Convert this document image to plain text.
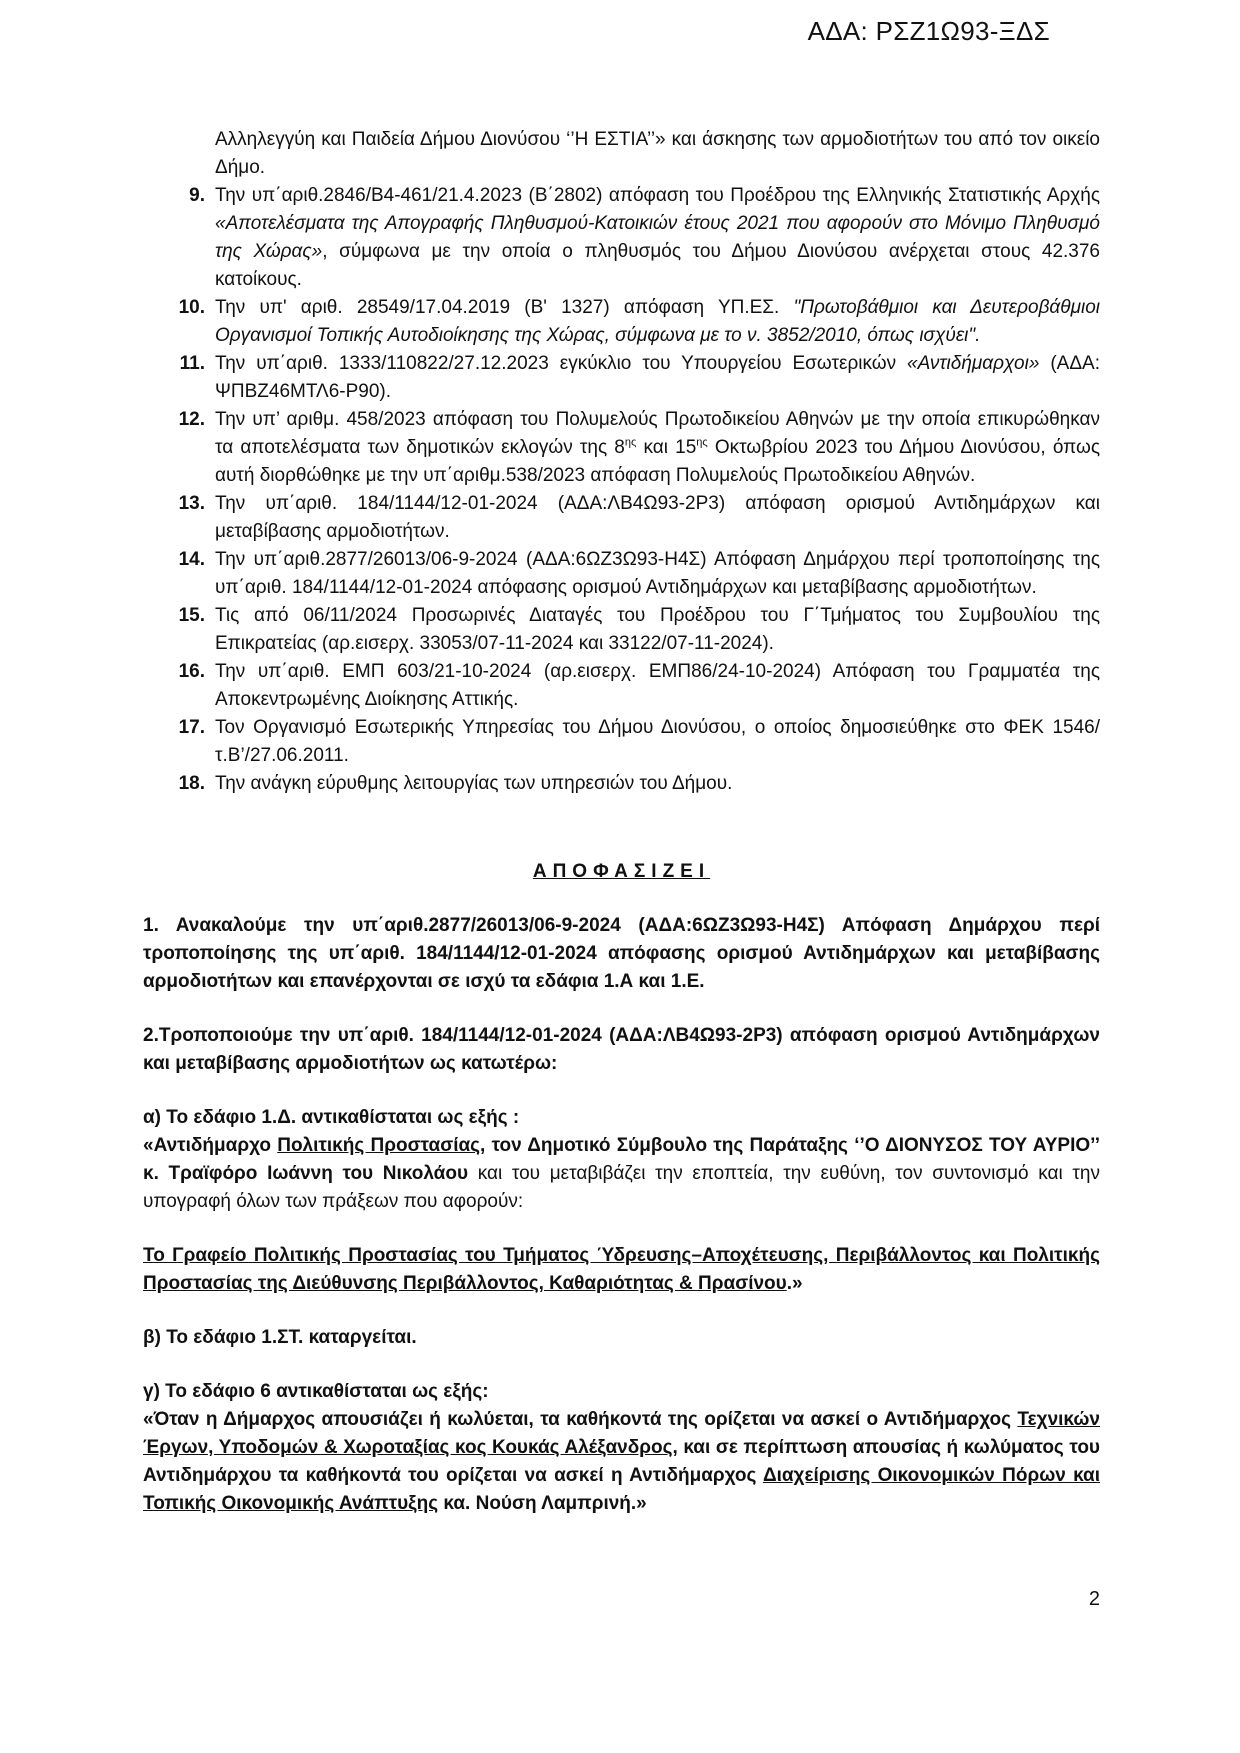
ΑΔΑ: ΡΣΖ1Ω93-ΞΔΣ
Αλληλεγγύη και Παιδεία Δήμου Διονύσου ‘’Η ΕΣΤΙΑ’’» και άσκησης των αρμοδιοτήτων του από τον οικείο Δήμο.
9. Την υπ΄αριθ.2846/Β4-461/21.4.2023 (Β΄2802) απόφαση του Προέδρου της Ελληνικής Στατιστικής Αρχής «Αποτελέσματα της Απογραφής Πληθυσμού-Κατοικιών έτους 2021 που αφορούν στο Μόνιμο Πληθυσμό της Χώρας», σύμφωνα με την οποία ο πληθυσμός του Δήμου Διονύσου ανέρχεται στους 42.376 κατοίκους.
10. Την υπ' αριθ. 28549/17.04.2019 (Β' 1327) απόφαση ΥΠ.ΕΣ. "Πρωτοβάθμιοι και Δευτεροβάθμιοι Οργανισμοί Τοπικής Αυτοδιοίκησης της Χώρας, σύμφωνα με το ν. 3852/2010, όπως ισχύει".
11. Την υπ΄αριθ. 1333/110822/27.12.2023 εγκύκλιο του Υπουργείου Εσωτερικών «Αντιδήμαρχοι» (ΑΔΑ: ΨΠΒΖ46ΜΤΛ6-Ρ90).
12. Την υπ’ αριθμ. 458/2023 απόφαση του Πολυμελούς Πρωτοδικείου Αθηνών με την οποία επικυρώθηκαν τα αποτελέσματα των δημοτικών εκλογών της $8^{\eta\varsigma}$ και $15^{\eta\varsigma}$ Οκτωβρίου 2023 του Δήμου Διονύσου, όπως αυτή διορθώθηκε με την υπ΄αριθμ.538/2023 απόφαση Πολυμελούς Πρωτοδικείου Αθηνών.
13. Την υπ΄αριθ. 184/1144/12-01-2024 (ΑΔΑ:ΛΒ4Ω93-2Ρ3) απόφαση ορισμού Αντιδημάρχων και μεταβίβασης αρμοδιοτήτων.
14. Την υπ΄αριθ.2877/26013/06-9-2024 (ΑΔΑ:6ΩΖ3Ω93-Η4Σ) Απόφαση Δημάρχου περί τροποποίησης της υπ΄αριθ. 184/1144/12-01-2024 απόφασης ορισμού Αντιδημάρχων και μεταβίβασης αρμοδιοτήτων.
15. Τις από 06/11/2024 Προσωρινές Διαταγές του Προέδρου του Γ΄Τμήματος του Συμβουλίου της Επικρατείας (αρ.εισερχ. 33053/07-11-2024 και 33122/07-11-2024).
16. Την υπ΄αριθ. ΕΜΠ 603/21-10-2024 (αρ.εισερχ. ΕΜΠ86/24-10-2024) Απόφαση του Γραμματέα της Αποκεντρωμένης Διοίκησης Αττικής.
17. Τον Οργανισμό Εσωτερικής Υπηρεσίας του Δήμου Διονύσου, ο οποίος δημοσιεύθηκε στο ΦΕΚ 1546/τ.Β’/27.06.2011.
18. Την ανάγκη εύρυθμης λειτουργίας των υπηρεσιών του Δήμου.
ΑΠΟΦΑΣΙΖΕΙ
1. Ανακαλούμε την υπ΄αριθ.2877/26013/06-9-2024 (ΑΔΑ:6ΩΖ3Ω93-Η4Σ) Απόφαση Δημάρχου περί τροποποίησης της υπ΄αριθ. 184/1144/12-01-2024 απόφασης ορισμού Αντιδημάρχων και μεταβίβασης αρμοδιοτήτων και επανέρχονται σε ισχύ τα εδάφια 1.Α και 1.Ε.
2.Τροποποιούμε την υπ΄αριθ. 184/1144/12-01-2024 (ΑΔΑ:ΛΒ4Ω93-2Ρ3) απόφαση ορισμού Αντιδημάρχων και μεταβίβασης αρμοδιοτήτων ως κατωτέρω:
α) Το εδάφιο 1.Δ. αντικαθίσταται ως εξής :
«Αντιδήμαρχο Πολιτικής Προστασίας, τον Δημοτικό Σύμβουλο της Παράταξης ‘’Ο ΔΙΟΝΥΣΟΣ ΤΟΥ ΑΥΡΙΟ’’ κ. Τραϊφόρο Ιωάννη του Νικολάου και του μεταβιβάζει την εποπτεία, την ευθύνη, τον συντονισμό και την υπογραφή όλων των πράξεων που αφορούν:
Το Γραφείο Πολιτικής Προστασίας του Τμήματος Ύδρευσης–Αποχέτευσης, Περιβάλλοντος και Πολιτικής Προστασίας της Διεύθυνσης Περιβάλλοντος, Καθαριότητας & Πρασίνου.»
β) Το εδάφιο 1.ΣΤ. καταργείται.
γ) Το εδάφιο 6 αντικαθίσταται ως εξής:
«Όταν η Δήμαρχος απουσιάζει ή κωλύεται, τα καθήκοντά της ορίζεται να ασκεί ο Αντιδήμαρχος Τεχνικών Έργων, Υποδομών & Χωροταξίας κος Κουκάς Αλέξανδρος, και σε περίπτωση απουσίας ή κωλύματος του Αντιδημάρχου τα καθήκοντά του ορίζεται να ασκεί η Αντιδήμαρχος Διαχείρισης Οικονομικών Πόρων και Τοπικής Οικονομικής Ανάπτυξης κα. Νούση Λαμπρινή.»
2
